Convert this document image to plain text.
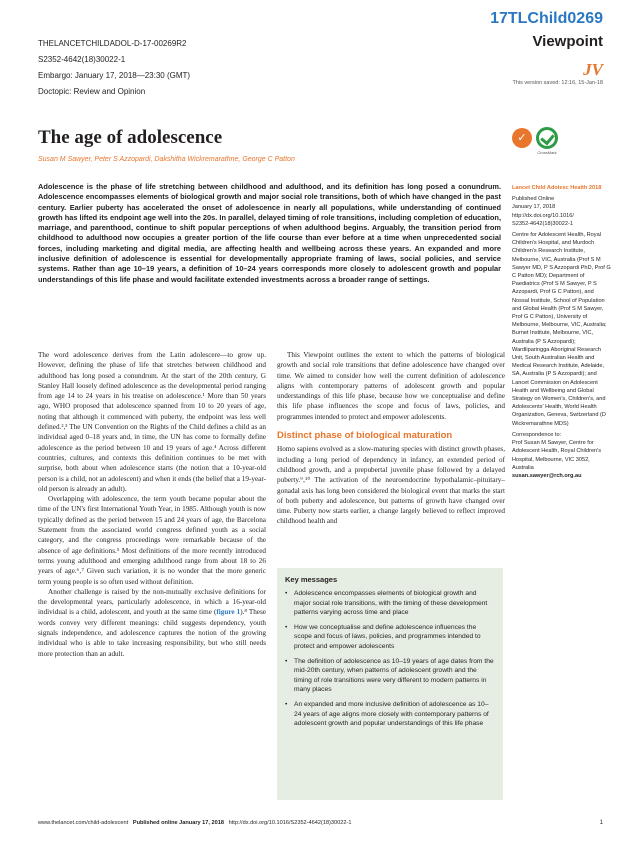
17TLChild0269
Viewpoint
JV
This version saved: 12:16, 15-Jan-18
THELANCETCHILDADOL-D-17-00269R2
S2352-4642(18)30022-1
Embargo: January 17, 2018—23:30 (GMT)
Doctopic: Review and Opinion
The age of adolescence
Susan M Sawyer, Peter S Azzopardi, Dakshitha Wickremarathne, George C Patton
✓
CrossMark
Adolescence is the phase of life stretching between childhood and adulthood, and its definition has long posed a conundrum. Adolescence encompasses elements of biological growth and major social role transitions, both of which have changed in the past century. Earlier puberty has accelerated the onset of adolescence in nearly all populations, while understanding of continued growth has lifted its endpoint age well into the 20s. In parallel, delayed timing of role transitions, including completion of education, marriage, and parenthood, continue to shift popular perceptions of when adulthood begins. Arguably, the transition period from childhood to adulthood now occupies a greater portion of the life course than ever before at a time when unprecedented social forces, including marketing and digital media, are affecting health and wellbeing across these years. An expanded and more inclusive definition of adolescence is essential for developmentally appropriate framing of laws, social policies, and service systems. Rather than age 10–19 years, a definition of 10–24 years corresponds more closely to adolescent growth and popular understandings of this life phase and would facilitate extended investments across a broader range of settings.

The word adolescence derives from the Latin adolescere—to grow up. However, defining the phase of life that stretches between childhood and adulthood has long posed a conundrum. At the start of the 20th century, G Stanley Hall loosely defined adolescence as the developmental period ranging from age 14 to 24 years in his treatise on adolescence.¹ More than 50 years ago, WHO proposed that adolescence spanned from 10 to 20 years of age, noting that although it commenced with puberty, the endpoint was less well defined.²,³ The UN Convention on the Rights of the Child defines a child as an individual aged 0–18 years and, in time, the UN has come to formally define adolescence as the period between 10 and 19 years of age.⁴ Across different countries, cultures, and contexts this definition continues to be met with surprise, both about when adolescence starts (the notion that a 10-year-old person is a child, not an adolescent) and when it ends (the belief that a 19-year-old person is already an adult).

Overlapping with adolescence, the term youth became popular about the time of the UN's first International Youth Year, in 1985. Although youth is now typically defined as the period between 15 and 24 years of age, the Barcelona Statement from the associated world congress defined youth as a social category, and the congress proceedings were remarkable because of the absence of age definitions.⁵ Most definitions of the more recently introduced terms young adulthood and emerging adulthood range from about 18 to 26 years of age.⁶‚⁷ Given such variation, it is no wonder that the more generic term young people is so often used without definition.

Another challenge is raised by the non-mutually exclusive definitions for the developmental years, particularly adolescence, in which a 16-year-old individual is a child, adolescent, and youth at the same time (figure 1).⁸ These words convey very different meanings: child suggests dependency, youth signals independence, and adolescence captures the notion of the growing individual who is able to take increasing responsibility, but who still needs more protection than an adult.

This Viewpoint outlines the extent to which the patterns of biological growth and social role transitions that define adolescence have changed over time. We aimed to consider how well the current definition of adolescence aligns with contemporary patterns of adolescent growth and popular understandings of this life phase, because how we conceptualise and define this life phase influences the scope and focus of laws, policies, and programmes intended to protect and empower adolescents.

Distinct phase of biological maturation

Homo sapiens evolved as a slow-maturing species with distinct growth phases, including a long period of dependency in infancy, an extended period of childhood growth, and a prepubertal juvenile phase followed by a delayed puberty.⁹‚¹⁰ The activation of the neuroendocrine hypothalamic–pituitary–gonadal axis has long been considered the biological event that marks the start of both puberty and adolescence, but patterns of growth have changed over time. Puberty now starts earlier, a change largely believed to reflect improved childhood health and

Key messages
• Adolescence encompasses elements of biological growth and major social role transitions, with the timing of these development patterns varying across time and place
• How we conceptualise and define adolescence influences the scope and focus of laws, policies, and programmes intended to protect and empower adolescents
• The definition of adolescence as 10–19 years of age dates from the mid-20th century, when patterns of adolescent growth and the timing of role transitions were very different to modern patterns in many places
• An expanded and more inclusive definition of adolescence as 10–24 years of age aligns more closely with contemporary patterns of adolescent growth and popular understandings of this life phase
Lancet Child Adolesc Health 2018
Published Online
January 17, 2018
http://dx.doi.org/10.1016/
S2352-4642(18)30022-1
Centre for Adolescent Health, Royal Children's Hospital, and Murdoch Children's Research Institute, Melbourne, VIC, Australia (Prof S M Sawyer MD, P S Azzopardi PhD, Prof G C Patton MD); Department of Paediatrics (Prof S M Sawyer, P S Azzopardi, Prof G C Patton), and Nossal Institute, School of Population and Global Health (Prof S M Sawyer, Prof G C Patton), University of Melbourne, Melbourne, VIC, Australia; Burnet Institute, Melbourne, VIC, Australia (P S Azzopardi); Wardliparingga Aboriginal Research Unit, South Australian Health and Medical Research Institute, Adelaide, SA, Australia (P S Azzopardi); and Lancet Commission on Adolescent Health and Wellbeing and Global Strategy on Women's, Children's, and Adolescents' Health, World Health Organization, Geneva, Switzerland (D Wickremarathne MDS)
Correspondence to:
Prof Susan M Sawyer, Centre for Adolescent Health, Royal Children's Hospital, Melbourne, VIC 3052, Australia
susan.sawyer@rch.org.au
www.thelancet.com/child-adolescent Published online January 17, 2018 http://dx.doi.org/10.1016/S2352-4642(18)30022-1	1
